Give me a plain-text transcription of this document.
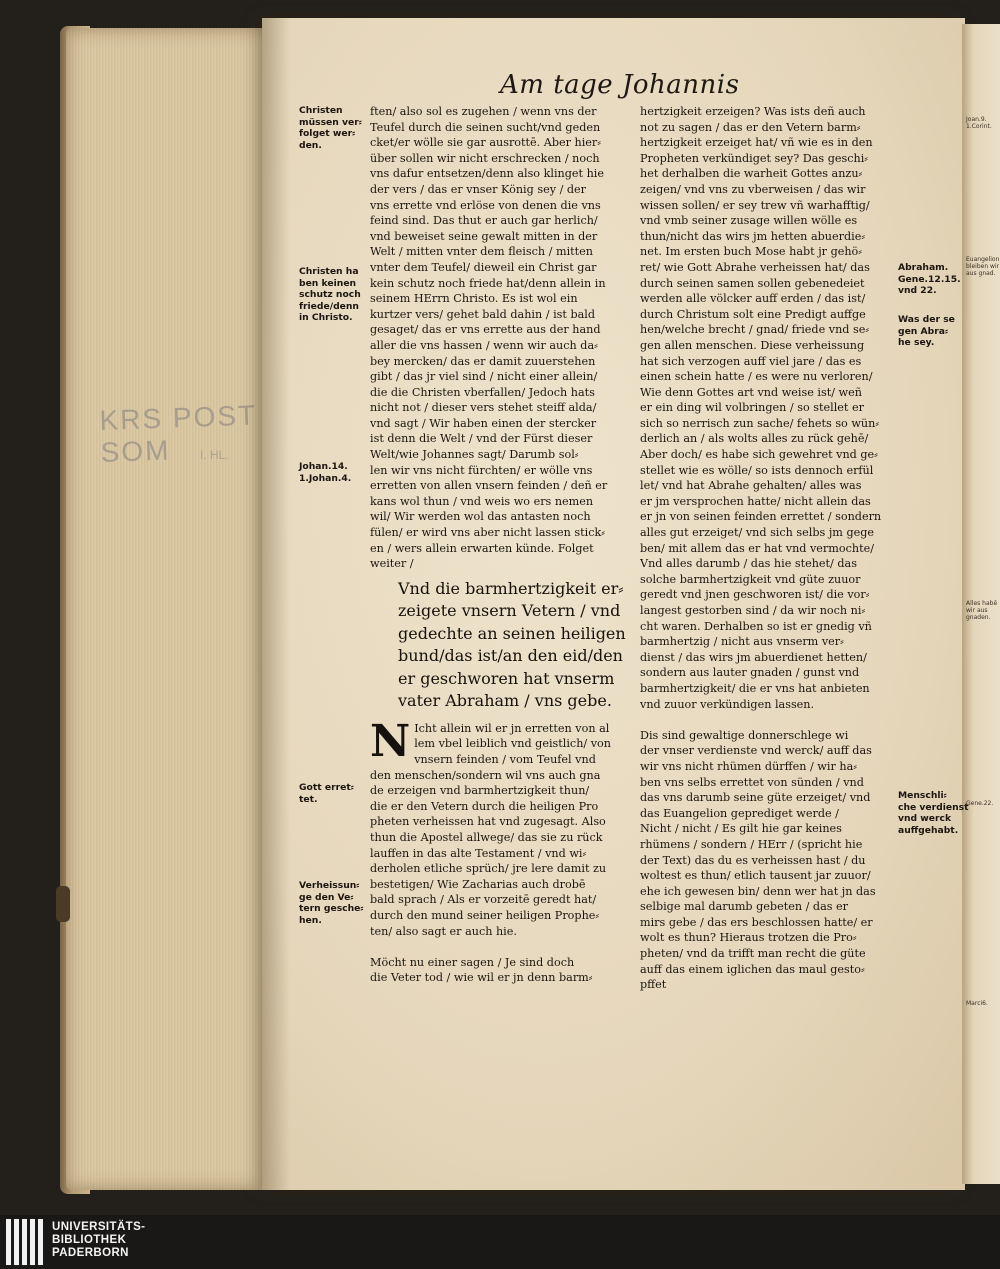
KRS POST SOM	I. HL.
Joan.9.
1.Corint.
Euangelion
bleiben wir
aus gnad.
Alles habē
wir aus
gnaden.
Gene.22.
Marci6.
Am tage Johannis
Christen
müssen ver⸗
folget wer⸗
den.
Christen ha
ben keinen
schutz noch
friede/denn
in Christo.
Johan.14.
1.Johan.4.
Gott erret⸗
tet.
Verheissun⸗
ge den Ve⸗
tern gesche⸗
hen.
Abraham.
Gene.12.15.
vnd 22.
Was der se
gen Abra⸗
he sey.
Menschli⸗
che verdienst
vnd werck
auffgehabt.

ften/ also sol es zugehen / wenn vns der

Teufel durch die seinen sucht/vnd geden

cket/er wölle sie gar ausrottē. Aber hier⸗

über sollen wir nicht erschrecken / noch

vns dafur entsetzen/denn also klinget hie

der vers / das er vnser König sey / der

vns errette vnd erlöse von denen die vns

feind sind. Das thut er auch gar herlich/

vnd beweiset seine gewalt mitten in der

Welt / mitten vnter dem fleisch / mitten

vnter dem Teufel/ dieweil ein Christ gar

kein schutz noch friede hat/denn allein in

seinem HErrn Christo. Es ist wol ein

kurtzer vers/ gehet bald dahin / ist bald

gesaget/ das er vns errette aus der hand

aller die vns hassen / wenn wir auch da⸗

bey mercken/ das er damit zuuerstehen

gibt / das jr viel sind / nicht einer allein/

die die Christen vberfallen/ Jedoch hats

nicht not / dieser vers stehet steiff alda/

vnd sagt / Wir haben einen der stercker

ist denn die Welt / vnd der Fürst dieser

Welt/wie Johannes sagt/ Darumb sol⸗

len wir vns nicht fürchten/ er wölle vns

erretten von allen vnsern feinden / deñ er

kans wol thun / vnd weis wo ers nemen

wil/ Wir werden wol das antasten noch

fülen/ er wird vns aber nicht lassen stick⸗

en / wers allein erwarten künde. Folget

weiter /

Vnd die barmhertzigkeit er⸗

zeigete vnsern Vetern / vnd

gedechte an seinen heiligen

bund/das ist/an den eid/den

er geschworen hat vnserm

vater Abraham / vns gebe.

N Icht allein wil er jn erretten von al

lem vbel leiblich vnd geistlich/ von

vnsern feinden / vom Teufel vnd

den menschen/sondern wil vns auch gna

de erzeigen vnd barmhertzigkeit thun/

die er den Vetern durch die heiligen Pro

pheten verheissen hat vnd zugesagt. Also

thun die Apostel allwege/ das sie zu rück

lauffen in das alte Testament / vnd wi⸗

derholen etliche sprüch/ jre lere damit zu

bestetigen/ Wie Zacharias auch drobē

bald sprach / Als er vorzeitē geredt hat/

durch den mund seiner heiligen Prophe⸗

ten/ also sagt er auch hie.

Möcht nu einer sagen / Je sind doch

die Veter tod / wie wil er jn denn barm⸗

hertzigkeit erzeigen? Was ists deñ auch

not zu sagen / das er den Vetern barm⸗

hertzigkeit erzeiget hat/ vñ wie es in den

Propheten verkündiget sey? Das geschi⸗

het derhalben die warheit Gottes anzu⸗

zeigen/ vnd vns zu vberweisen / das wir

wissen sollen/ er sey trew vñ warhafftig/

vnd vmb seiner zusage willen wölle es

thun/nicht das wirs jm hetten abuerdie⸗

net. Im ersten buch Mose habt jr gehö⸗

ret/ wie Gott Abrahe verheissen hat/ das

durch seinen samen sollen gebenedeiet

werden alle völcker auff erden / das ist/

durch Christum solt eine Predigt auffge

hen/welche brecht / gnad/ friede vnd se⸗

gen allen menschen. Diese verheissung

hat sich verzogen auff viel jare / das es

einen schein hatte / es were nu verloren/

Wie denn Gottes art vnd weise ist/ weñ

er ein ding wil volbringen / so stellet er

sich so nerrisch zun sache/ fehets so wün⸗

derlich an / als wolts alles zu rück gehē/

Aber doch/ es habe sich gewehret vnd ge⸗

stellet wie es wölle/ so ists dennoch erfül

let/ vnd hat Abrahe gehalten/ alles was

er jm versprochen hatte/ nicht allein das

er jn von seinen feinden errettet / sondern

alles gut erzeiget/ vnd sich selbs jm gege

ben/ mit allem das er hat vnd vermochte/

Vnd alles darumb / das hie stehet/ das

solche barmhertzigkeit vnd güte zuuor

geredt vnd jnen geschworen ist/ die vor⸗

langest gestorben sind / da wir noch ni⸗

cht waren. Derhalben so ist er gnedig vñ

barmhertzig / nicht aus vnserm ver⸗

dienst / das wirs jm abuerdienet hetten/

sondern aus lauter gnaden / gunst vnd

barmhertzigkeit/ die er vns hat anbieten

vnd zuuor verkündigen lassen.

Dis sind gewaltige donnerschlege wi

der vnser verdienste vnd werck/ auff das

wir vns nicht rhümen dürffen / wir ha⸗

ben vns selbs errettet von sünden / vnd

das vns darumb seine güte erzeiget/ vnd

das Euangelion geprediget werde /

Nicht / nicht / Es gilt hie gar keines

rhümens / sondern / HErr / (spricht hie

der Text) das du es verheissen hast / du

woltest es thun/ etlich tausent jar zuuor/

ehe ich gewesen bin/ denn wer hat jn das

selbige mal darumb gebeten / das er

mirs gebe / das ers beschlossen hatte/ er

wolt es thun? Hieraus trotzen die Pro⸗

pheten/ vnd da trifft man recht die güte

auff das einem iglichen das maul gesto⸗

pffet

UNIVERSITÄTS-
BIBLIOTHEK
PADERBORN
